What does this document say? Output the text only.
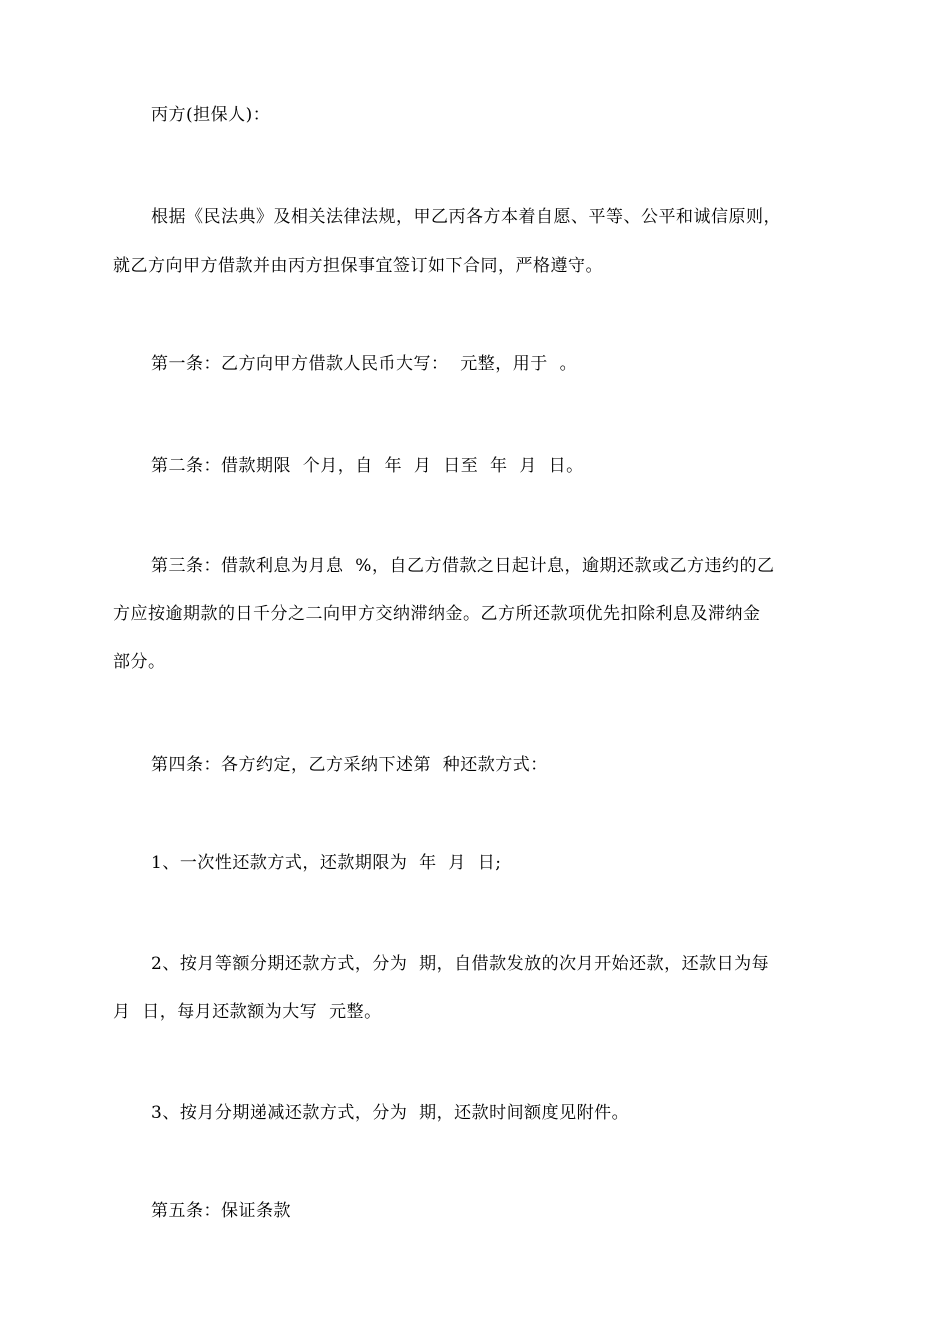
丙方(担保人)：
根据《民法典》及相关法律法规，甲乙丙各方本着自愿、平等、公平和诚信原则，
就乙方向甲方借款并由丙方担保事宜签订如下合同，严格遵守。
第一条：乙方向甲方借款人民币大写：  元整，用于  。
第二条：借款期限  个月，自  年  月  日至  年  月  日。
第三条：借款利息为月息  %，自乙方借款之日起计息，逾期还款或乙方违约的乙
方应按逾期款的日千分之二向甲方交纳滞纳金。乙方所还款项优先扣除利息及滞纳金
部分。
第四条：各方约定，乙方采纳下述第  种还款方式：
1、一次性还款方式，还款期限为  年  月  日;
2、按月等额分期还款方式，分为  期，自借款发放的次月开始还款，还款日为每
月  日，每月还款额为大写  元整。
3、按月分期递减还款方式，分为  期，还款时间额度见附件。
第五条：保证条款
